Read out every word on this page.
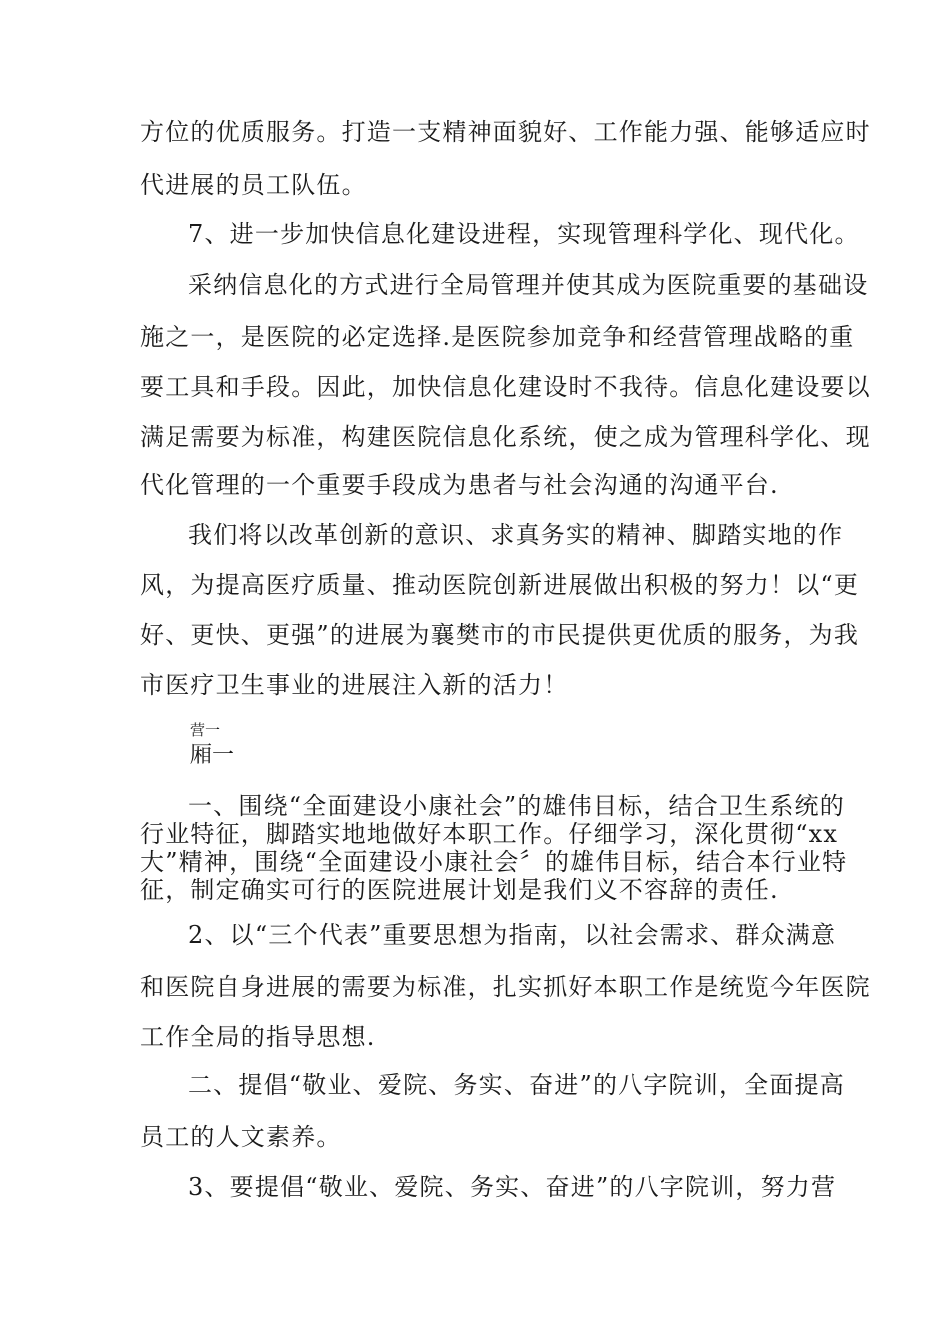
方位的优质服务。打造一支精神面貌好、工作能力强、能够适应时
代进展的员工队伍。
7、进一步加快信息化建设进程，实现管理科学化、现代化。
采纳信息化的方式进行全局管理并使其成为医院重要的基础设
施之一，是医院的必定选择.是医院参加竞争和经营管理战略的重
要工具和手段。因此，加快信息化建设时不我待。信息化建设要以
满足需要为标准，构建医院信息化系统，使之成为管理科学化、现
代化管理的一个重要手段成为患者与社会沟通的沟通平台.
我们将以改革创新的意识、求真务实的精神、脚踏实地的作
风，为提高医疗质量、推动医院创新进展做出积极的努力！以“更
好、更快、更强”的进展为襄樊市的市民提供更优质的服务，为我
市医疗卫生事业的进展注入新的活力！
营一
厢一
一、围绕“全面建设小康社会”的雄伟目标，结合卫生系统的
行业特征，脚踏实地地做好本职工作。仔细学习，深化贯彻“xx
大”精神，围绕“全面建设小康社会〞的雄伟目标，结合本行业特
征，制定确实可行的医院进展计划是我们义不容辞的责任.
2、以“三个代表”重要思想为指南，以社会需求、群众满意
和医院自身进展的需要为标准，扎实抓好本职工作是统览今年医院
工作全局的指导思想.
二、提倡“敬业、爱院、务实、奋进”的八字院训，全面提高
员工的人文素养。
3、要提倡“敬业、爱院、务实、奋进”的八字院训，努力营
